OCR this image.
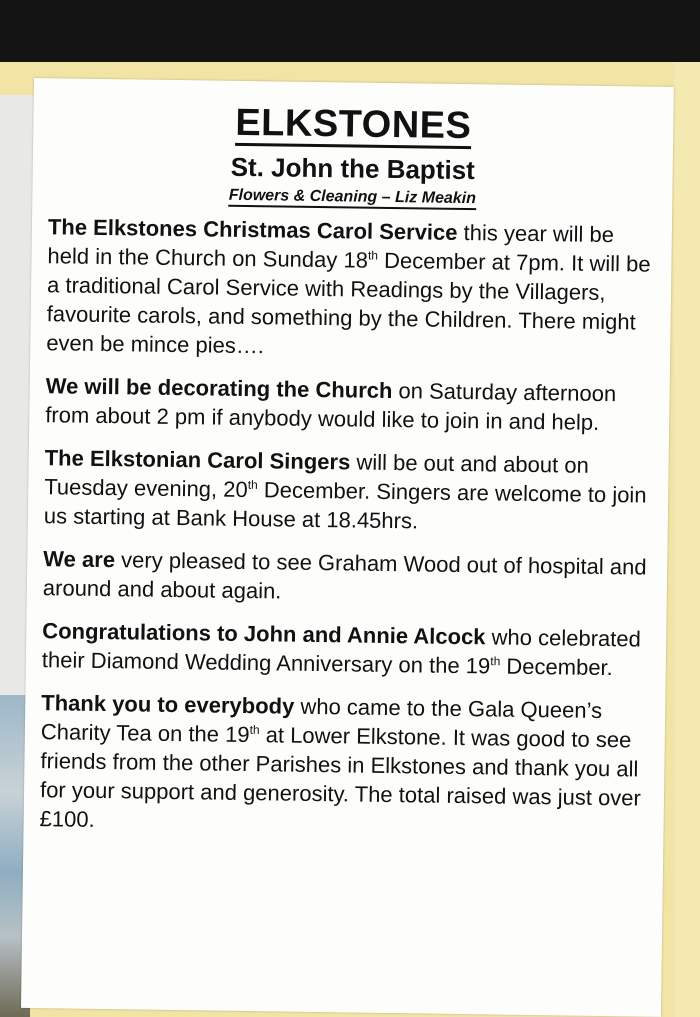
ELKSTONES
St. John the Baptist
Flowers & Cleaning – Liz Meakin

The Elkstones Christmas Carol Service this year will be held in the Church on Sunday 18th December at 7pm. It will be a traditional Carol Service with Readings by the Villagers, favourite carols, and something by the Children. There might even be mince pies….

We will be decorating the Church on Saturday afternoon from about 2 pm if anybody would like to join in and help.

The Elkstonian Carol Singers will be out and about on Tuesday evening, 20th December. Singers are welcome to join us starting at Bank House at 18.45hrs.

We are very pleased to see Graham Wood out of hospital and around and about again.

Congratulations to John and Annie Alcock who celebrated their Diamond Wedding Anniversary on the 19th December.

Thank you to everybody who came to the Gala Queen’s Charity Tea on the 19th at Lower Elkstone. It was good to see friends from the other Parishes in Elkstones and thank you all for your support and generosity. The total raised was just over £100.
